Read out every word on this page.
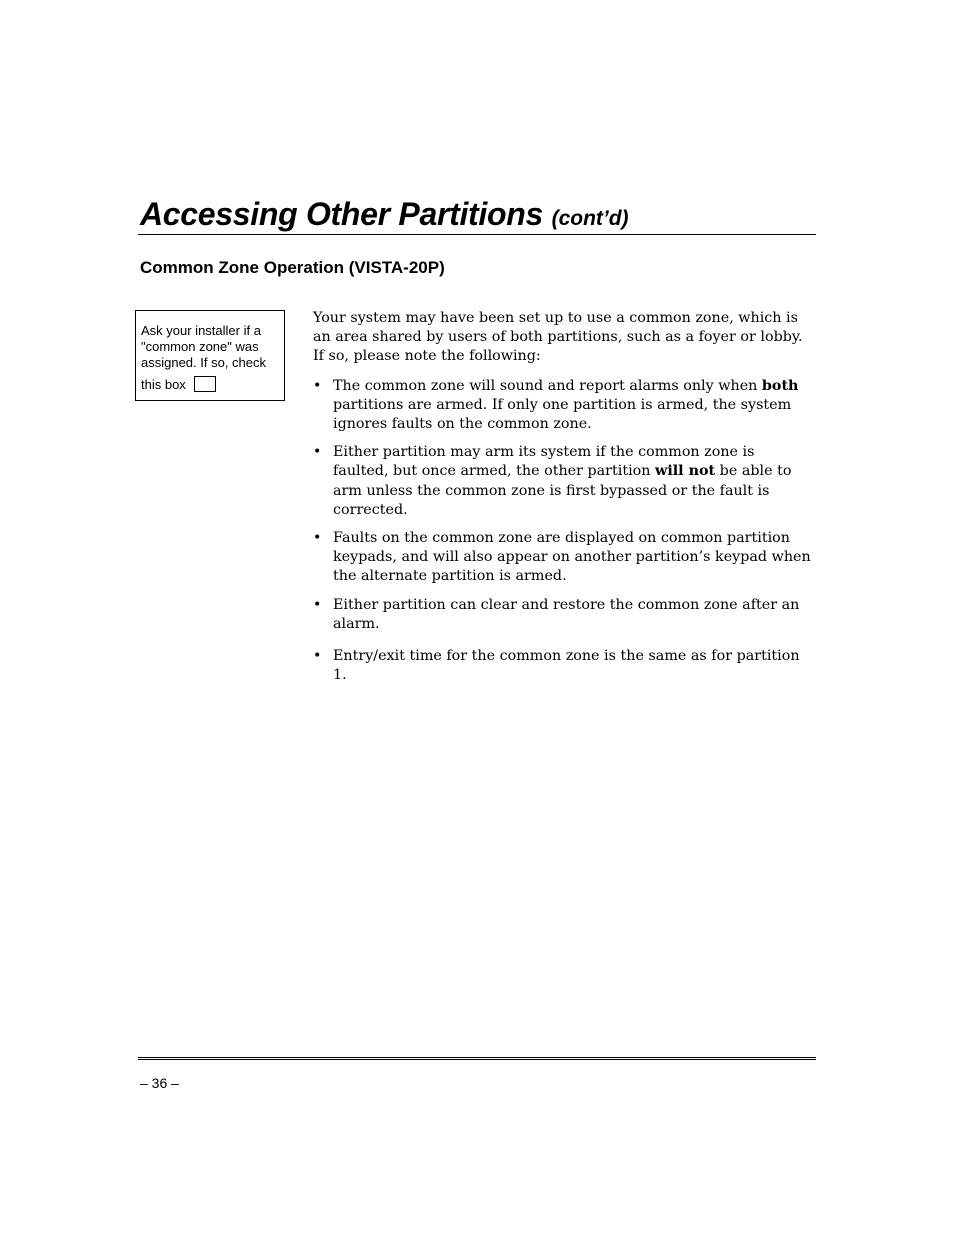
Accessing Other Partitions (cont’d)
Common Zone Operation (VISTA-20P)
Ask your installer if a
"common zone" was
assigned. If so, check
this box

Your system may have been set up to use a common zone, which is an area shared by users of both partitions, such as a foyer or lobby. If so, please note the following:

• The common zone will sound and report alarms only when both partitions are armed. If only one partition is armed, the system ignores faults on the common zone.
• Either partition may arm its system if the common zone is faulted, but once armed, the other partition will not be able to arm unless the common zone is first bypassed or the fault is corrected.
• Faults on the common zone are displayed on common partition keypads, and will also appear on another partition’s keypad when the alternate partition is armed.
• Either partition can clear and restore the common zone after an alarm.
• Entry/exit time for the common zone is the same as for partition 1.
– 36 –
